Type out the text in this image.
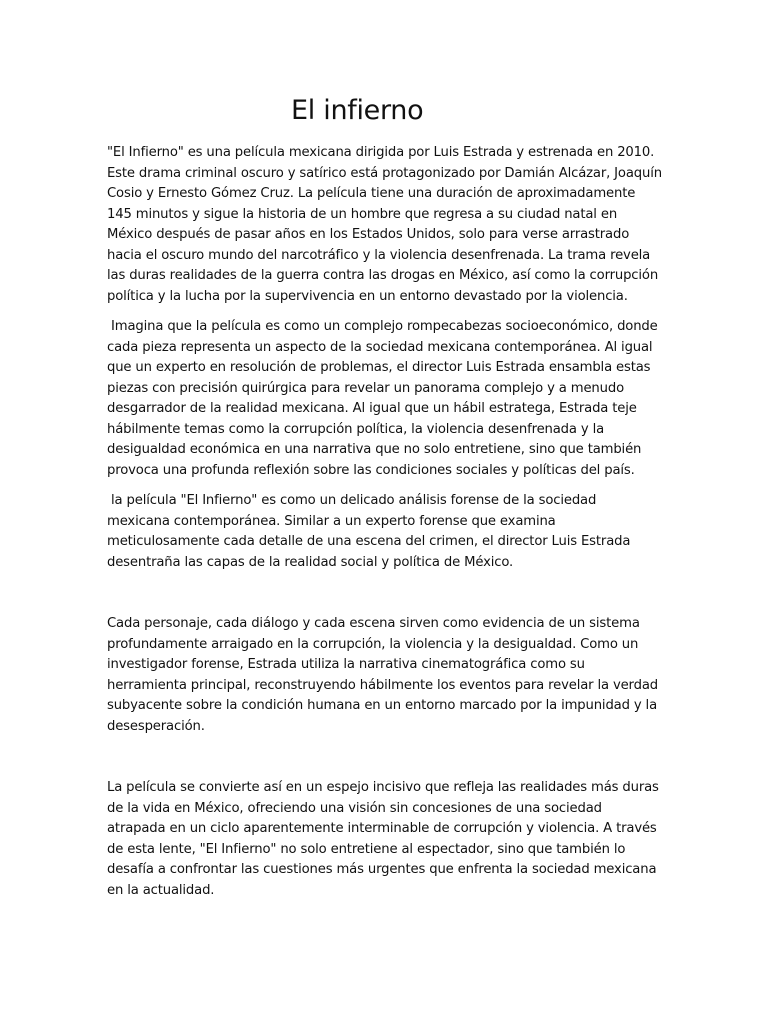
El infierno

"El Infierno" es una película mexicana dirigida por Luis Estrada y estrenada en 2010. Este drama criminal oscuro y satírico está protagonizado por Damián Alcázar, Joaquín Cosio y Ernesto Gómez Cruz. La película tiene una duración de aproximadamente 145 minutos y sigue la historia de un hombre que regresa a su ciudad natal en México después de pasar años en los Estados Unidos, solo para verse arrastrado hacia el oscuro mundo del narcotráfico y la violencia desenfrenada. La trama revela las duras realidades de la guerra contra las drogas en México, así como la corrupción política y la lucha por la supervivencia en un entorno devastado por la violencia.

Imagina que la película es como un complejo rompecabezas socioeconómico, donde cada pieza representa un aspecto de la sociedad mexicana contemporánea. Al igual que un experto en resolución de problemas, el director Luis Estrada ensambla estas piezas con precisión quirúrgica para revelar un panorama complejo y a menudo desgarrador de la realidad mexicana. Al igual que un hábil estratega, Estrada teje hábilmente temas como la corrupción política, la violencia desenfrenada y la desigualdad económica en una narrativa que no solo entretiene, sino que también provoca una profunda reflexión sobre las condiciones sociales y políticas del país.

la película "El Infierno" es como un delicado análisis forense de la sociedad mexicana contemporánea. Similar a un experto forense que examina meticulosamente cada detalle de una escena del crimen, el director Luis Estrada desentraña las capas de la realidad social y política de México.

Cada personaje, cada diálogo y cada escena sirven como evidencia de un sistema profundamente arraigado en la corrupción, la violencia y la desigualdad. Como un investigador forense, Estrada utiliza la narrativa cinematográfica como su herramienta principal, reconstruyendo hábilmente los eventos para revelar la verdad subyacente sobre la condición humana en un entorno marcado por la impunidad y la desesperación.

La película se convierte así en un espejo incisivo que refleja las realidades más duras de la vida en México, ofreciendo una visión sin concesiones de una sociedad atrapada en un ciclo aparentemente interminable de corrupción y violencia. A través de esta lente, "El Infierno" no solo entretiene al espectador, sino que también lo desafía a confrontar las cuestiones más urgentes que enfrenta la sociedad mexicana en la actualidad.
